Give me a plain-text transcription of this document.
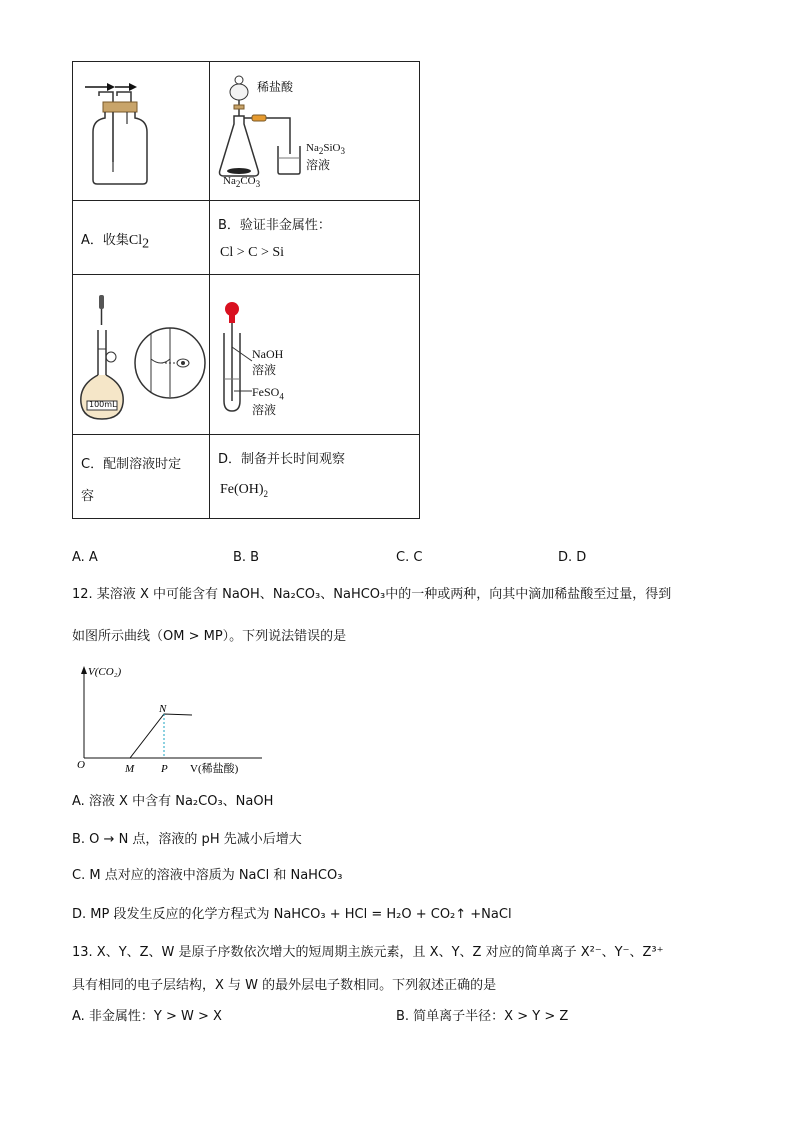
稀盐酸
$Na_2SiO_3$
溶液
$Na_2CO_3$

A．收集$Cl_2$	B．验证非金属性：
Cl > C > Si

100mL	NaOH
溶液
FeSO$_4$
溶液

C．配制溶液时定
容	D．制备并长时间观察
$Fe(OH)_2$
A. A	B. B	C. C	D. D
12. 某溶液 X 中可能含有 NaOH、Na₂CO₃、NaHCO₃中的一种或两种，向其中滴加稀盐酸至过量，得到
如图所示曲线（OM > MP）。下列说法错误的是
V(CO₂)
O	M P
N
V(稀盐酸)
A. 溶液 X 中含有 Na₂CO₃、NaOH
B. O → N 点，溶液的 pH 先减小后增大
C. M 点对应的溶液中溶质为 NaCl 和 NaHCO₃
D. MP 段发生反应的化学方程式为 NaHCO₃ + HCl = H₂O + CO₂↑ +NaCl
13. X、Y、Z、W 是原子序数依次增大的短周期主族元素，且 X、Y、Z 对应的简单离子 X²⁻、Y⁻、Z³⁺
具有相同的电子层结构，X 与 W 的最外层电子数相同。下列叙述正确的是
A. 非金属性：Y > W > X	B. 简单离子半径：X > Y > Z
